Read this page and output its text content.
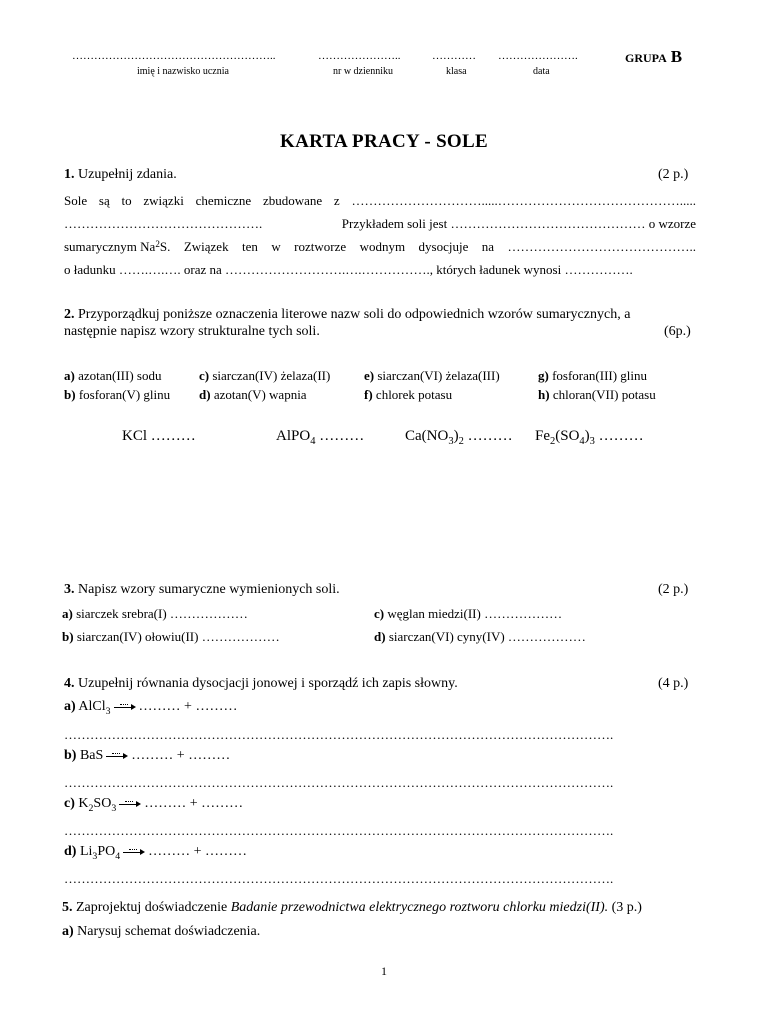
………………………………………………..	…………………..	………… ………………….	GRUPA B
imię i nazwisko ucznia	nr w dzienniku	klasa	data
KARTA PRACY - SOLE
1. Uzupełnij zdania.	(2 p.)
Sole są to związki chemiczne zbudowane z ………………………….....…………………………………….....
……………………………………….	Przykładem soli jest ……………………………………… o wzorze
sumarycznym Na 2 S. Związek ten w roztworze wodnym dysocjuje na ……………………………………..
o ładunku …….….…. oraz na ……………………….….……………., których ładunek wynosi …………….
2. Przyporządkuj poniższe oznaczenia literowe nazw soli do odpowiednich wzorów sumarycznych, a
następnie napisz wzory strukturalne tych soli.	(6p.)
a) azotan(III) sodu	c) siarczan(IV) żelaza(II)	e) siarczan(VI) żelaza(III)	g) fosforan(III) glinu
b) fosforan(V) glinu d) azotan(V) wapnia	f) chlorek potasu	h) chloran(VII) potasu
KCl ………	AlPO$_4$ ………	$Ca(NO_3)_2$ ……… $Fe_2(SO_4)_3$ ………
3. Napisz wzory sumaryczne wymienionych soli.	(2 p.)
a) siarczek srebra(I) ………………	c) węglan miedzi(II) ………………
b) siarczan(IV) ołowiu(II) ………………	d) siarczan(VI) cyny(IV) ………………
4. Uzupełnij równania dysocjacji jonowej i sporządź ich zapis słowny.	(4 p.)
a) AlCl$_3$ ……… + ………
……………………………………………………………………………………………………………….
b) BaS ……… + ………
……………………………………………………………………………………………………………….
c) $K_2SO_3$ ……… + ………
……………………………………………………………………………………………………………….
d) $Li_3PO_4$ ……… + ………
……………………………………………………………………………………………………………….
5. Zaprojektuj doświadczenie Badanie przewodnictwa elektrycznego roztworu chlorku miedzi(II). (3 p.)
a) Narysuj schemat doświadczenia.
1
